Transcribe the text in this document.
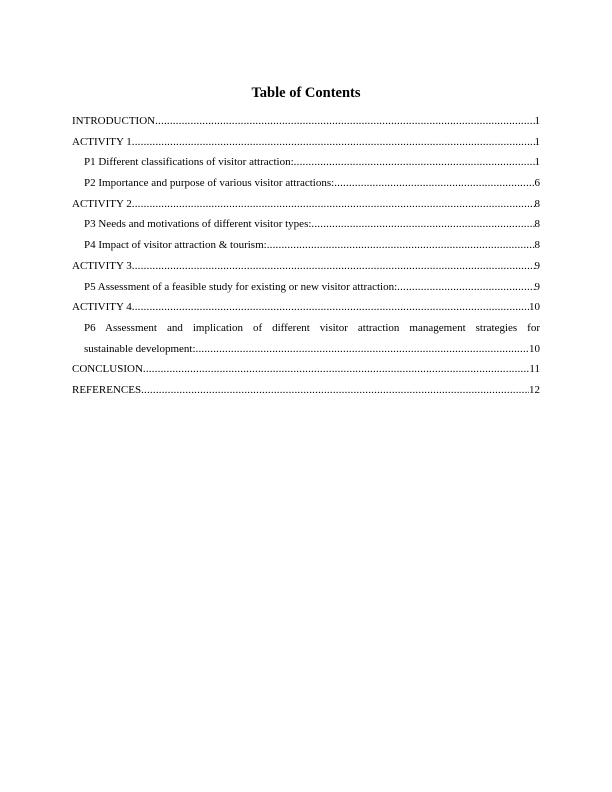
Table of Contents
INTRODUCTION .....	1
ACTIVITY 1 .....	1
P1 Different classifications of visitor attraction: .....	1
P2 Importance and purpose of various visitor attractions: .....	6
ACTIVITY 2 .....	8
P3 Needs and motivations of different visitor types: .....	8
P4 Impact of visitor attraction & tourism: .....	8
ACTIVITY 3 .....	9
P5 Assessment of a feasible study for existing or new visitor attraction: .....	9
ACTIVITY 4 .....	10
P6 Assessment and implication of different visitor attraction management strategies for
sustainable development: .....	10
CONCLUSION .....	11
REFERENCES .....	12
